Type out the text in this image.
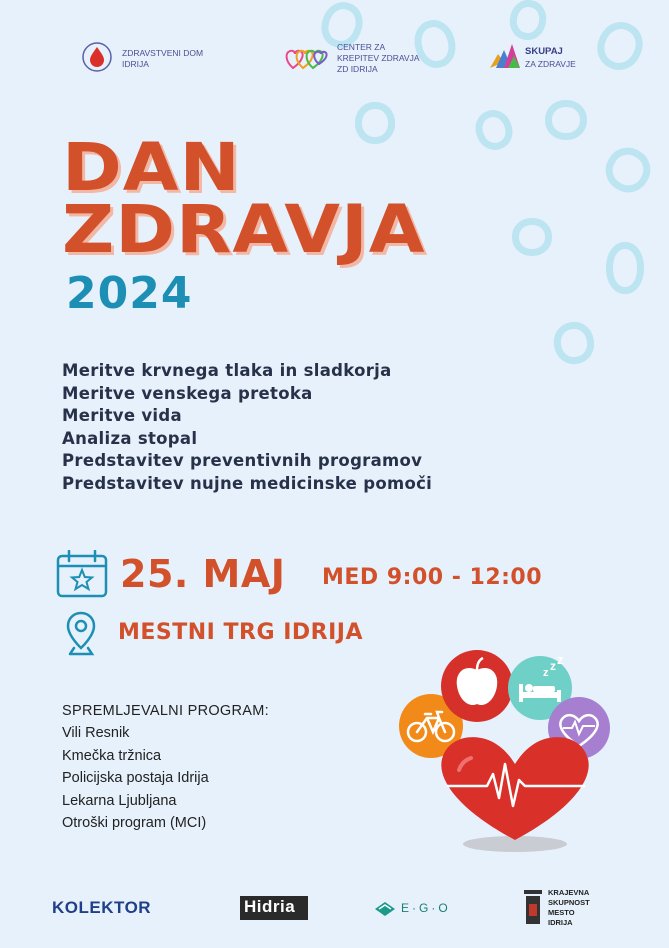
ZDRAVSTVENI DOM
IDRIJA
CENTER ZA
KREPITEV ZDRAVJA
ZD IDRIJA
SKUPAJ
ZA ZDRAVJE
DAN
ZDRAVJA
2024
Meritve krvnega tlaka in sladkorja
Meritve venskega pretoka
Meritve vida
Analiza stopal
Predstavitev preventivnih programov
Predstavitev nujne medicinske pomoči
25. MAJ MED 9:00 - 12:00
MESTNI TRG IDRIJA
SPREMLJEVALNI PROGRAM:
Vili Resnik
Kmečka tržnica
Policijska postaja Idrija
Lekarna Ljubljana
Otroški program (MCI)
z z z
KOLEKTOR	Hidria	E·G·O
KRAJEVNA
SKUPNOST
MESTO
IDRIJA
